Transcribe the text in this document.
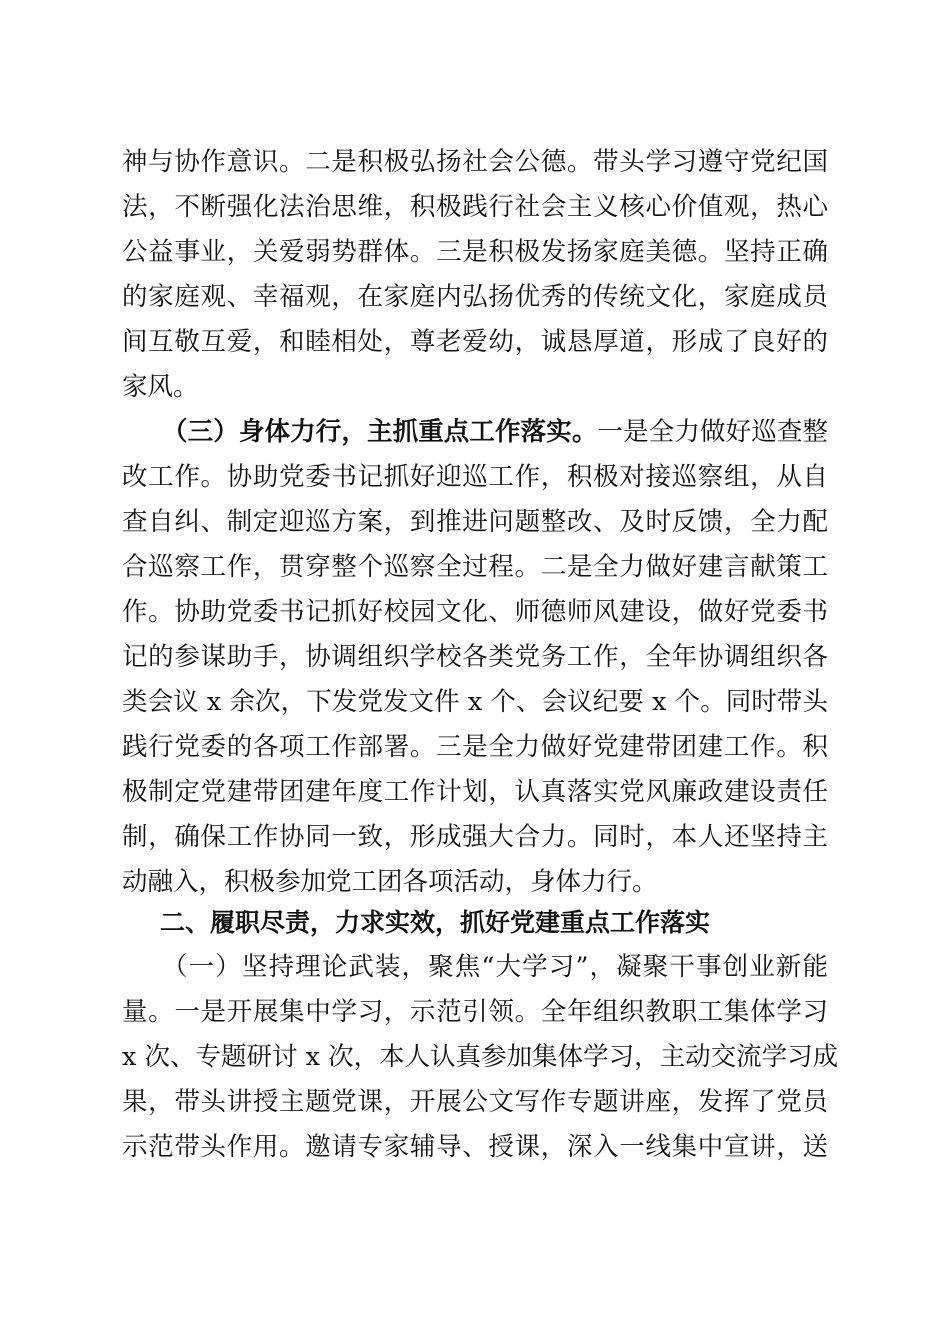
神与协作意识。二是积极弘扬社会公德。带头学习遵守党纪国
法，不断强化法治思维，积极践行社会主义核心价值观，热心
公益事业，关爱弱势群体。三是积极发扬家庭美德。坚持正确
的家庭观、幸福观，在家庭内弘扬优秀的传统文化，家庭成员
间互敬互爱，和睦相处，尊老爱幼，诚恳厚道，形成了良好的
家风。
（三）身体力行，主抓重点工作落实。一是全力做好巡查整
改工作。协助党委书记抓好迎巡工作，积极对接巡察组，从自
查自纠、制定迎巡方案，到推进问题整改、及时反馈，全力配
合巡察工作，贯穿整个巡察全过程。二是全力做好建言献策工
作。协助党委书记抓好校园文化、师德师风建设，做好党委书
记的参谋助手，协调组织学校各类党务工作，全年协调组织各
类会议 x 余次，下发党发文件 x 个、会议纪要 x 个。同时带头
践行党委的各项工作部署。三是全力做好党建带团建工作。积
极制定党建带团建年度工作计划，认真落实党风廉政建设责任
制，确保工作协同一致，形成强大合力。同时，本人还坚持主
动融入，积极参加党工团各项活动，身体力行。
二、履职尽责，力求实效，抓好党建重点工作落实
（一）坚持理论武装，聚焦“大学习”，凝聚干事创业新能
量。一是开展集中学习，示范引领。全年组织教职工集体学习
x 次、专题研讨 x 次，本人认真参加集体学习，主动交流学习成
果，带头讲授主题党课，开展公文写作专题讲座，发挥了党员
示范带头作用。邀请专家辅导、授课，深入一线集中宣讲，送
